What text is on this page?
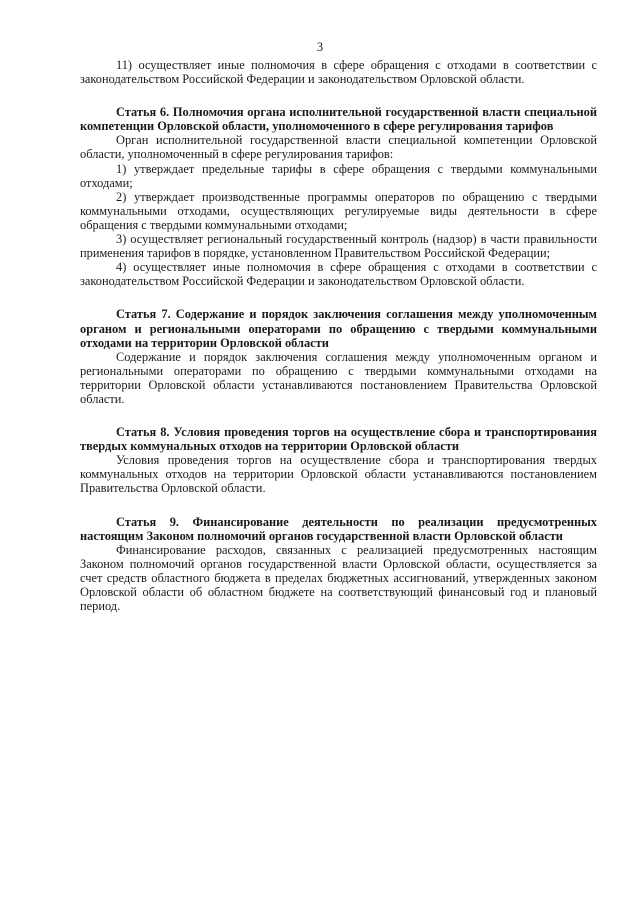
3

11) осуществляет иные полномочия в сфере обращения с отходами в соответствии с законодательством Российской Федерации и законодательством Орловской области.

Статья 6. Полномочия органа исполнительной государственной власти специальной компетенции Орловской области, уполномоченного в сфере регулирования тарифов

Орган исполнительной государственной власти специальной компетенции Орловской области, уполномоченный в сфере регулирования тарифов:

1) утверждает предельные тарифы в сфере обращения с твердыми коммунальными отходами;

2) утверждает производственные программы операторов по обращению с твердыми коммунальными отходами, осуществляющих регулируемые виды деятельности в сфере обращения с твердыми коммунальными отходами;

3) осуществляет региональный государственный контроль (надзор) в части правильности применения тарифов в порядке, установленном Правительством Российской Федерации;

4) осуществляет иные полномочия в сфере обращения с отходами в соответствии с законодательством Российской Федерации и законодательством Орловской области.

Статья 7. Содержание и порядок заключения соглашения между уполномоченным органом и региональными операторами по обращению с твердыми коммунальными отходами на территории Орловской области

Содержание и порядок заключения соглашения между уполномоченным органом и региональными операторами по обращению с твердыми коммунальными отходами на территории Орловской области устанавливаются постановлением Правительства Орловской области.

Статья 8. Условия проведения торгов на осуществление сбора и транспортирования твердых коммунальных отходов на территории Орловской области

Условия проведения торгов на осуществление сбора и транспортирования твердых коммунальных отходов на территории Орловской области устанавливаются постановлением Правительства Орловской области.

Статья 9. Финансирование деятельности по реализации предусмотренных настоящим Законом полномочий органов государственной власти Орловской области

Финансирование расходов, связанных с реализацией предусмотренных настоящим Законом полномочий органов государственной власти Орловской области, осуществляется за счет средств областного бюджета в пределах бюджетных ассигнований, утвержденных законом Орловской области об областном бюджете на соответствующий финансовый год и плановый период.
